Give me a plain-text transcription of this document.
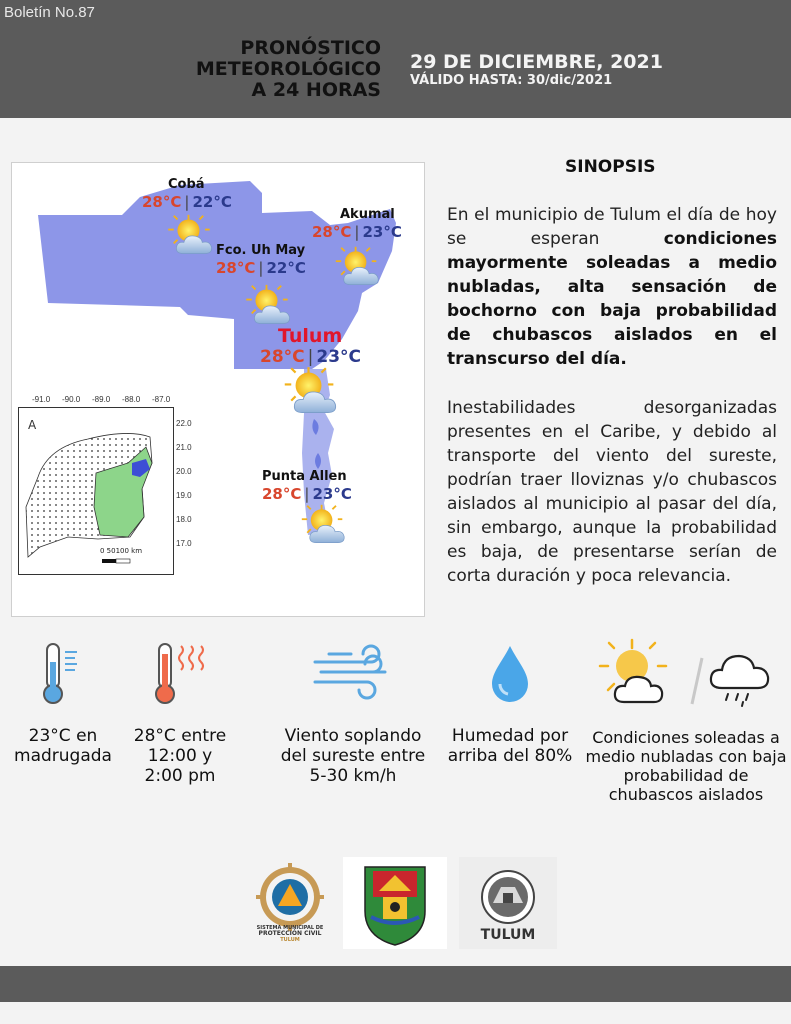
Boletín No.87
PRONÓSTICO
METEOROLÓGICO
A 24 HORAS
29 DE DICIEMBRE, 2021
VÁLIDO HASTA: 30/dic/2021
Cobá
28°C | 22°C
Akumal
28°C | 23°C
Fco. Uh May
28°C | 22°C
Tulum
28°C | 23°C
Punta Allen
28°C | 23°C
-91.0 -90.0 -89.0 -88.0 -87.0
A
0 50100 km
22.0
21.0
20.0
19.0
18.0
17.0
SINOPSIS
En el municipio de Tulum el día de hoy se esperan condiciones mayormente soleadas a medio nubladas, alta sensación de bochorno con baja probabilidad de chubascos aislados en el transcurso del día.
Inestabilidades desorganizadas presentes en el Caribe, y debido al transporte del viento del sureste, podrían traer lloviznas y/o chubascos aislados al municipio al pasar del día, sin embargo, aunque la probabilidad es baja, de presentarse serían de corta duración y poca relevancia.
23°C en madrugada
28°C entre 12:00 y 2:00 pm
Viento soplando del sureste entre 5-30 km/h
Humedad por arriba del 80%
Condiciones soleadas a medio nubladas con baja probabilidad de chubascos aislados
SISTEMA MUNICIPAL DE
PROTECCIÓN CIVIL
TULUM	TULUM
